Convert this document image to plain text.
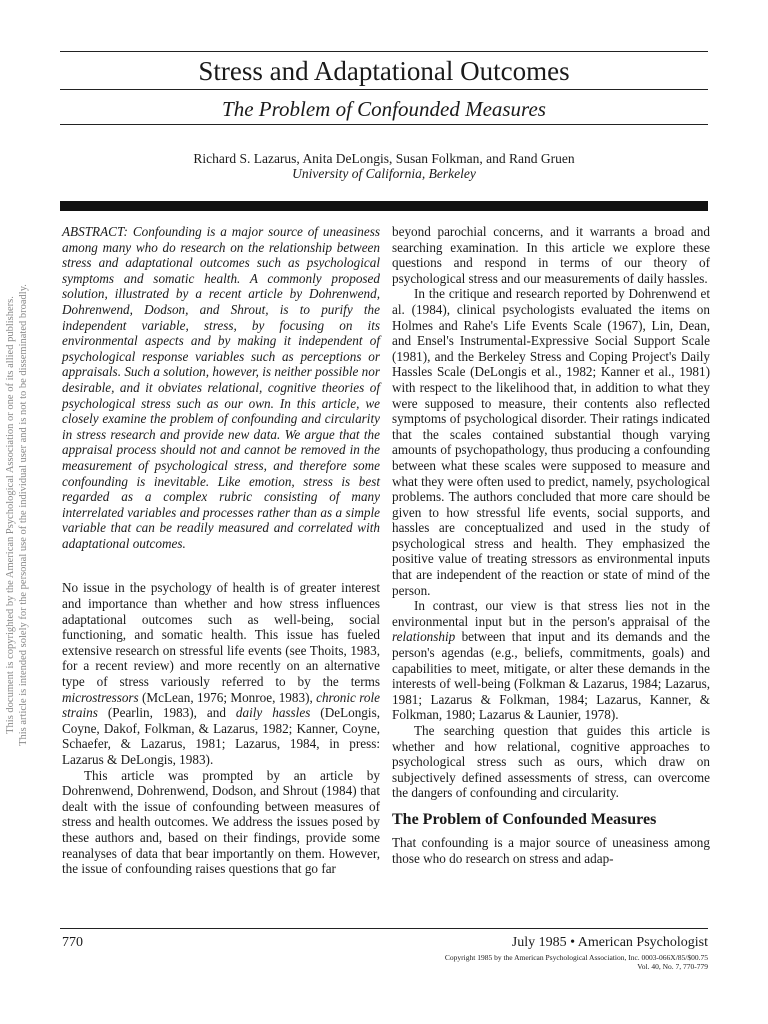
Stress and Adaptational Outcomes
The Problem of Confounded Measures
Richard S. Lazarus, Anita DeLongis, Susan Folkman, and Rand Gruen
University of California, Berkeley
This document is copyrighted by the American Psychological Association or one of its allied publishers. This article is intended solely for the personal use of the individual user and is not to be disseminated broadly.

ABSTRACT: Confounding is a major source of uneasiness among many who do research on the relationship between stress and adaptational outcomes such as psychological symptoms and somatic health. A commonly proposed solution, illustrated by a recent article by Dohrenwend, Dohrenwend, Dodson, and Shrout, is to purify the independent variable, stress, by focusing on its environmental aspects and by making it independent of psychological response variables such as perceptions or appraisals. Such a solution, however, is neither possible nor desirable, and it obviates relational, cognitive theories of psychological stress such as our own. In this article, we closely examine the problem of confounding and circularity in stress research and provide new data. We argue that the appraisal process should not and cannot be removed in the measurement of psychological stress, and therefore some confounding is inevitable. Like emotion, stress is best regarded as a complex rubric consisting of many interrelated variables and processes rather than as a simple variable that can be readily measured and correlated with adaptational outcomes.

No issue in the psychology of health is of greater interest and importance than whether and how stress influences adaptational outcomes such as well-being, social functioning, and somatic health. This issue has fueled extensive research on stressful life events (see Thoits, 1983, for a recent review) and more recently on an alternative type of stress variously referred to by the terms microstressors (McLean, 1976; Monroe, 1983), chronic role strains (Pearlin, 1983), and daily hassles (DeLongis, Coyne, Dakof, Folkman, & Lazarus, 1982; Kanner, Coyne, Schaefer, & Lazarus, 1981; Lazarus, 1984, in press: Lazarus & DeLongis, 1983).

This article was prompted by an article by Dohrenwend, Dohrenwend, Dodson, and Shrout (1984) that dealt with the issue of confounding between measures of stress and health outcomes. We address the issues posed by these authors and, based on their findings, provide some reanalyses of data that bear importantly on them. However, the issue of confounding raises questions that go far

beyond parochial concerns, and it warrants a broad and searching examination. In this article we explore these questions and respond in terms of our theory of psychological stress and our measurements of daily hassles.

In the critique and research reported by Dohrenwend et al. (1984), clinical psychologists evaluated the items on Holmes and Rahe's Life Events Scale (1967), Lin, Dean, and Ensel's Instrumental-Expressive Social Support Scale (1981), and the Berkeley Stress and Coping Project's Daily Hassles Scale (DeLongis et al., 1982; Kanner et al., 1981) with respect to the likelihood that, in addition to what they were supposed to measure, their contents also reflected symptoms of psychological disorder. Their ratings indicated that the scales contained substantial though varying amounts of psychopathology, thus producing a confounding between what these scales were supposed to measure and what they were often used to predict, namely, psychological problems. The authors concluded that more care should be given to how stressful life events, social supports, and hassles are conceptualized and used in the study of psychological stress and health. They emphasized the positive value of treating stressors as environmental inputs that are independent of the reaction or state of mind of the person.

In contrast, our view is that stress lies not in the environmental input but in the person's appraisal of the relationship between that input and its demands and the person's agendas (e.g., beliefs, commitments, goals) and capabilities to meet, mitigate, or alter these demands in the interests of well-being (Folkman & Lazarus, 1984; Lazarus, 1981; Lazarus & Folkman, 1984; Lazarus, Kanner, & Folkman, 1980; Lazarus & Launier, 1978).

The searching question that guides this article is whether and how relational, cognitive approaches to psychological stress such as ours, which draw on subjectively defined assessments of stress, can overcome the dangers of confounding and circularity.

The Problem of Confounded Measures

That confounding is a major source of uneasiness among those who do research on stress and adap-

770	July 1985 • American Psychologist
Copyright 1985 by the American Psychological Association, Inc. 0003-066X/85/$00.75
Vol. 40, No. 7, 770-779
